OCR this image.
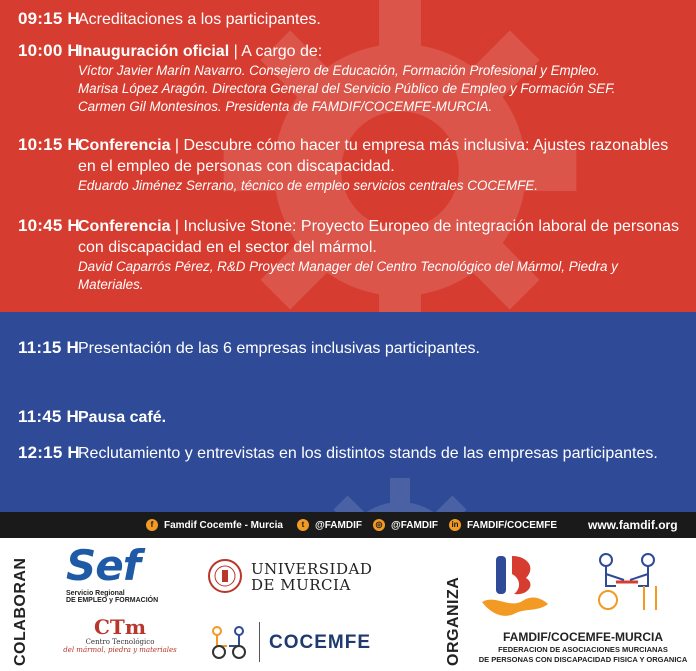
09:15 H
Acreditaciones a los participantes.
10:00 H
Inauguración oficial | A cargo de:
Víctor Javier Marín Navarro. Consejero de Educación, Formación Profesional y Empleo.
Marisa López Aragón. Directora General del Servicio Público de Empleo y Formación SEF.
Carmen Gil Montesinos. Presidenta de FAMDIF/COCEMFE-MURCIA.
10:15 H
Conferencia | Descubre cómo hacer tu empresa más inclusiva: Ajustes razonables en el empleo de personas con discapacidad.
Eduardo Jiménez Serrano, técnico de empleo servicios centrales COCEMFE.
10:45 H
Conferencia | Inclusive Stone: Proyecto Europeo de integración laboral de personas con discapacidad en el sector del mármol.
David Caparrós Pérez, R&D Proyect Manager del Centro Tecnológico del Mármol, Piedra y Materiales.
11:15 H Presentación de las 6 empresas inclusivas participantes.
11:45 H Pausa café.
12:15 H
Reclutamiento y entrevistas en los distintos stands de las empresas participantes.
f	Famdif Cocemfe - Murcia	t	@FAMDIF	◎ @FAMDIF	in FAMDIF/COCEMFE	www.famdif.org
COLABORAN	ORGANIZA
Sef
Servicio Regional
DE EMPLEO y FORMACIÓN
CTm
Centro Tecnológico
del mármol, piedra y materiales
UNIVERSIDAD
DE MURCIA
COCEMFE	FAMDIF/COCEMFE-MURCIA
FEDERACION DE ASOCIACIONES MURCIANAS
DE PERSONAS CON DISCAPACIDAD FISICA Y ORGANICA
